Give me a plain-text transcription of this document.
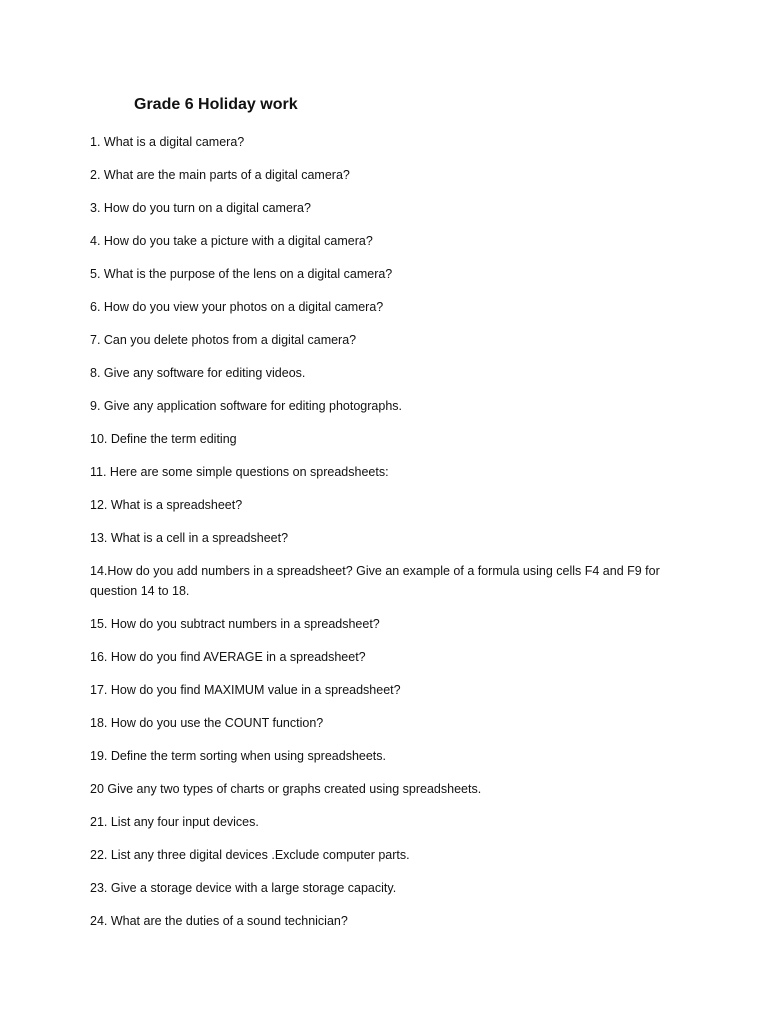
Grade 6 Holiday work
1. What is a digital camera?
2. What are the main parts of a digital camera?
3. How do you turn on a digital camera?
4. How do you take a picture with a digital camera?
5. What is the purpose of the lens on a digital camera?
6. How do you view your photos on a digital camera?
7. Can you delete photos from a digital camera?
8. Give any software for editing videos.
9. Give any application software for editing photographs.
10. Define the term editing
11. Here are some simple questions on spreadsheets:
12. What is a spreadsheet?
13. What is a cell in a spreadsheet?
14.How do you add numbers in a spreadsheet? Give an example of a formula using cells F4 and F9 for question 14 to 18.
15. How do you subtract numbers in a spreadsheet?
16. How do you find AVERAGE in a spreadsheet?
17. How do you find MAXIMUM value in a spreadsheet?
18. How do you use the COUNT function?
19. Define the term sorting when using spreadsheets.
20 Give any two types of charts or graphs created using spreadsheets.
21. List any four input devices.
22. List any three digital devices .Exclude computer parts.
23. Give a storage device with a large storage capacity.
24. What are the duties of a sound technician?
